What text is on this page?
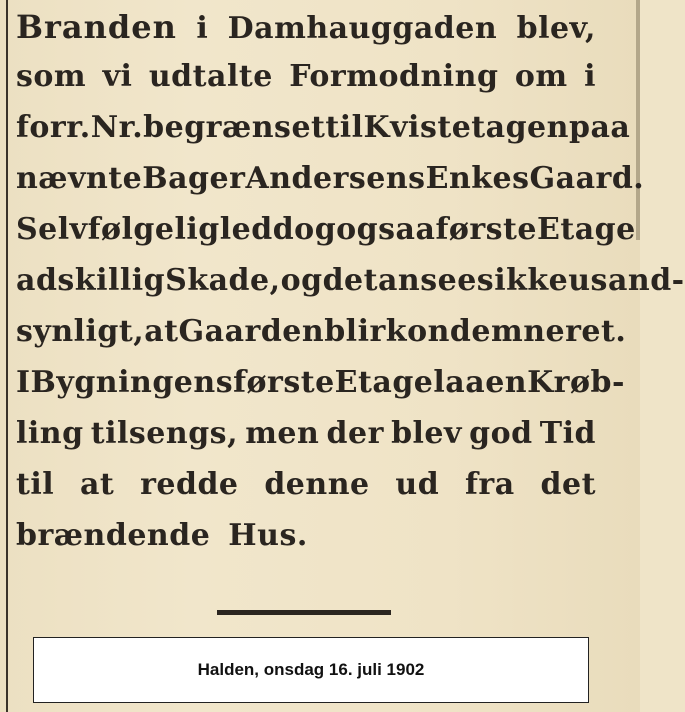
Branden i Damhauggaden blev,
som vi udtalte Formodning om i
forr. Nr. begrænset til Kvistetagen paa
nævnte Bager Andersens Enkes Gaard.
Selvfølgelig led dog ogsaa første Etage
adskillig Skade, og det ansees ikke usand-
synligt, at Gaarden blir kondemneret.
I Bygningens første Etage laa en Krøb-
ling tilsengs, men der blev god Tid
til at redde denne ud fra det
brændende Hus.
Halden, onsdag 16. juli 1902
